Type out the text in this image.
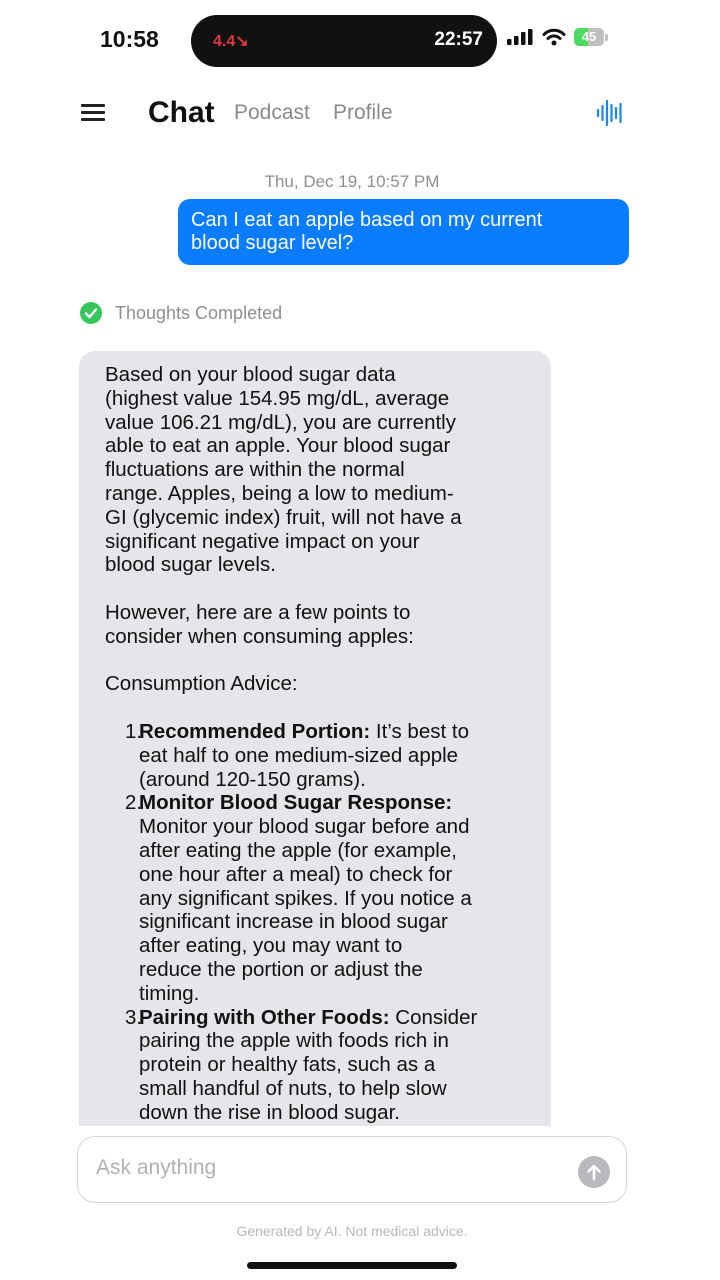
10:58	4.4↘	22:57	45
Chat Podcast Profile
Thu, Dec 19, 10:57 PM
Can I eat an apple based on my current
blood sugar level?
Thoughts Completed

Based on your blood sugar data

(highest value 154.95 mg/dL, average

value 106.21 mg/dL), you are currently

able to eat an apple. Your blood sugar

fluctuations are within the normal

range. Apples, being a low to medium-

GI (glycemic index) fruit, will not have a

significant negative impact on your

blood sugar levels.

However, here are a few points to

consider when consuming apples:

Consumption Advice:

1.
Recommended Portion: It’s best to
eat half to one medium-sized apple
(around 120-150 grams).
2.
Monitor Blood Sugar Response:
Monitor your blood sugar before and
after eating the apple (for example,
one hour after a meal) to check for
any significant spikes. If you notice a
significant increase in blood sugar
after eating, you may want to
reduce the portion or adjust the
timing.
3.
Pairing with Other Foods: Consider
pairing the apple with foods rich in
protein or healthy fats, such as a
small handful of nuts, to help slow
down the rise in blood sugar.
Ask anything
Generated by AI. Not medical advice.
